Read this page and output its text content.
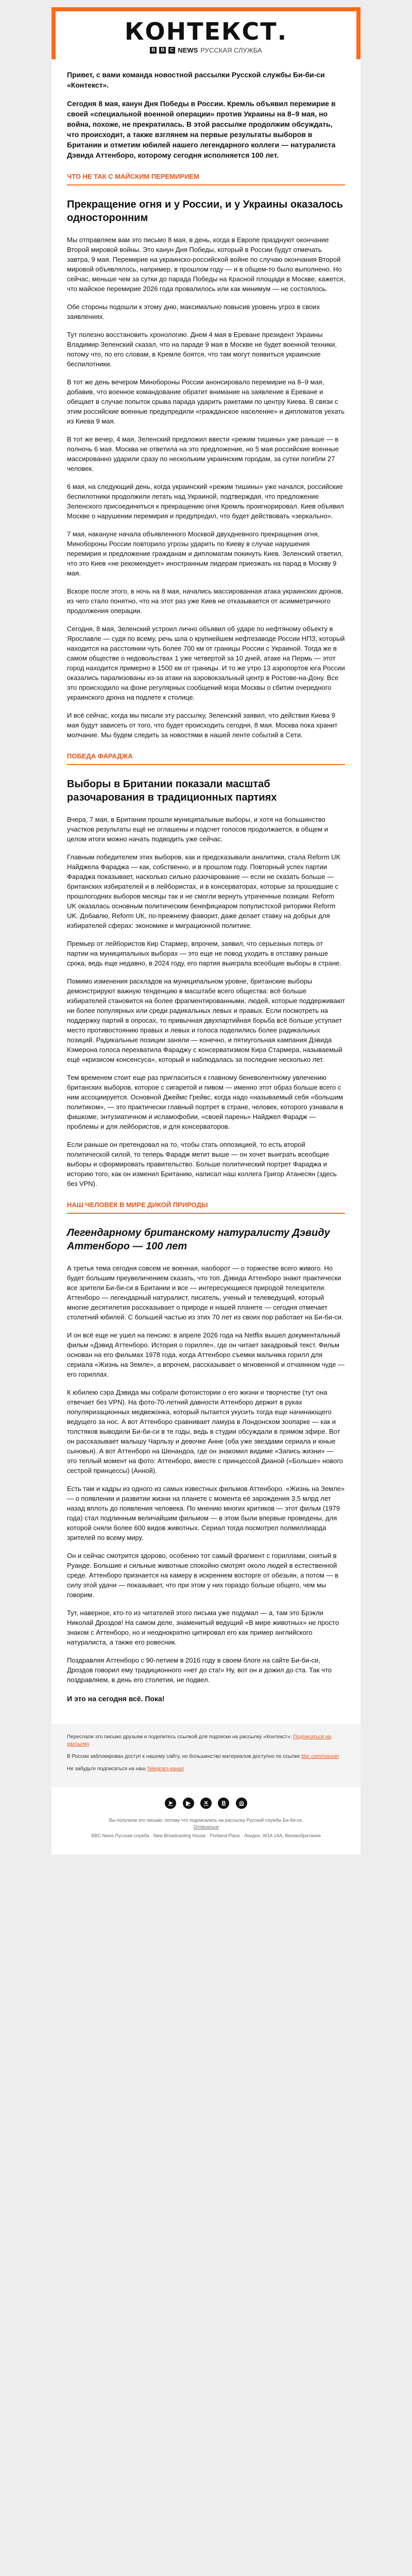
КОНТЕКСТ.
B B C NEWS РУССКАЯ СЛУЖБА

Привет, с вами команда новостной рассылки Русской службы Би-би-си «Контекст».

Сегодня 8 мая, канун Дня Победы в России. Кремль объявил перемирие в своей «специальной военной операции» против Украины на 8–9 мая, но война, похоже, не прекратилась. В этой рассылке продолжим обсуждать, что происходит, а также взглянем на первые результаты выборов в Британии и отметим юбилей нашего легендарного коллеги — натуралиста Дэвида Аттенборо, которому сегодня исполняется 100 лет.

ЧТО НЕ ТАК С МАЙСКИМ ПЕРЕМИРИЕМ
Прекращение огня и у России, и у Украины оказалось односторонним

Мы отправляем вам это письмо 8 мая, в день, когда в Европе празднуют окончание Второй мировой войны. Это канун Дня Победы, который в России будут отмечать завтра, 9 мая. Перемирие на украинско-российской войне по случаю окончания Второй мировой объявлялось, например, в прошлом году — и в общем-то было выполнено. Но сейчас, меньше чем за сутки до парада Победы на Красной площади в Москве, кажется, что майское перемирие 2026 года провалилось или как минимум — не состоялось.

Обе стороны подошли к этому дню, максимально повысив уровень угроз в своих заявлениях.

Тут полезно восстановить хронологию. Днем 4 мая в Ереване президент Украины Владимир Зеленский сказал, что на параде 9 мая в Москве не будет военной техники, потому что, по его словам, в Кремле боятся, что там могут появиться украинские беспилотники.

В тот же день вечером Минобороны России анонсировало перемирие на 8–9 мая, добавив, что военное командование обратит внимание на заявление в Ереване и обещает в случае попыток срыва парада ударить ракетами по центру Киева. В связи с этим российские военные предупредили «гражданское население» и дипломатов уехать из Киева 9 мая.

В тот же вечер, 4 мая, Зеленский предложил ввести «режим тишины» уже раньше — в полночь 6 мая. Москва не ответила на это предложение, но 5 мая российские военные массированно ударили сразу по нескольким украинским городам, за сутки погибли 27 человек.

6 мая, на следующий день, когда украинский «режим тишины» уже начался, российские беспилотники продолжили летать над Украиной, подтверждая, что предложение Зеленского присоединиться к прекращению огня Кремль проигнорировал. Киев объявил Москве о нарушении перемирия и предупредил, что будет действовать «зеркально».

7 мая, накануне начала объявленного Москвой двухдневного прекращения огня, Минобороны России повторило угрозы ударить по Киеву в случае нарушения перемирия и предложение гражданам и дипломатам покинуть Киев. Зеленский ответил, что это Киев «не рекомендует» иностранным лидерам приезжать на парад в Москву 9 мая.

Вскоре после этого, в ночь на 8 мая, начались массированная атака украинских дронов, из чего стало понятно, что на этот раз уже Киев не отказывается от асимметричного продолжения операции.

Сегодня, 8 мая, Зеленский устроил лично объявил об ударе по нефтяному объекту в Ярославле — судя по всему, речь шла о крупнейшем нефтезаводе России НПЗ, который находится на расстоянии чуть более 700 км от границы России с Украиной. Тогда же в самом обществе о недовольствах 1 уже четвертой за 10 дней, атаке на Пермь — этот город находится примерно в 1500 км от границы. И то же утро 13 аэропортов юга России оказались парализованы из-за атаки на аэровокзальный центр в Ростове-на-Дону. Все это происходило на фоне регулярных сообщений мэра Москвы о сбитии очередного украинского дрона на подлете к столице.

И всё сейчас, когда мы писали эту рассылку, Зеленский заявил, что действия Киева 9 мая будут зависеть от того, что будет происходить сегодня, 8 мая. Москва пока хранит молчание. Мы будем следить за новостями в нашей ленте событий в Сети.

ПОБЕДА ФАРАДЖА
Выборы в Британии показали масштаб разочарования в традиционных партиях

Вчера, 7 мая, в Британии прошли муниципальные выборы, и хотя на большинство участков результаты ещё не оглашены и подсчет голосов продолжается, в общем и целом итоги можно начать подводить уже сейчас.

Главным победителем этих выборов, как и предсказывали аналитики, стала Reform UK Найджела Фараджа — как, собственно, и в прошлом году. Повторный успех партии Фараджа показывает, насколько сильно разочарование — если не сказать больше — британских избирателей и в лейбористах, и в консерваторах, которые за прошедшие с прошлогодних выборов месяцы так и не смогли вернуть утраченные позиции. Reform UK оказалась основным политическим бенефициаром популистской риторики Reform UK. Добавлю, Reform UK, по-прежнему фаворит, даже делает ставку на добрых для избирателей сферах: экономике и миграционной политике.

Премьер от лейбористов Кир Стармер, впрочем, заявил, что серьезных потерь от партии на муниципальных выборах — это еще не повод уходить в отставку раньше срока, ведь еще недавно, в 2024 году, его партия выиграла всеобщие выборы в стране.

Помимо изменения раскладов на муниципальном уровне, британские выборы демонстрируют важную тенденцию в масштабе всего общества: всё больше избирателей становится на более фрагментированными, людей, которые поддерживают ни более популярных или среди радикальных левых и правых. Если посмотреть на поддержку партий в опросах, то привычная двухпартийная борьба всё больше уступает место противостоянию правых и левых и голоса поделились более радикальных позиций. Радикальные позиции заняли — конечно, и пятиугольная кампания Дэвида Кэмерона голоса перехватила Фараджу с консерватизмом Кира Стармера, называемый ещё «кризисом консенсуса», который и наблюдалась за последние несколько лет.

Тем временем стоит еще раз пригласиться к главному беневолентному увлечению британских выборов, которое с сигаретой и пивом — именно этот образ больше всего с ним ассоциируется. Основной Джеймс Грейвс, когда надо «называемый себя «большим политиком», — это практически главный портрет в стране, человек, которого узнавали в фишкоме, энтузиатичном и исламофобии, «своей парень» Найджел Фарадж — проблемы и для лейбористов, и для консерваторов.

Если раньше он претендовал на то, чтобы стать оппозицией, то есть второй политической силой, то теперь Фарадж метит выше — он хочет выиграть всеобщие выборы и сформировать правительство. Больше политический портрет Фараджа и историю того, как он изменил Британию, написал наш коллега Григор Атанесян (здесь без VPN).

НАШ ЧЕЛОВЕК В МИРЕ ДИКОЙ ПРИРОДЫ
Легендарному британскому натуралисту Дэвиду Аттенборо — 100 лет

А третья тема сегодня совсем не военная, наоборот — о торжестве всего живого. Но будет большим преувеличением сказать, что топ. Дэвида Аттенборо знают практически все зрители Би-би-си в Британии и все — интересующиеся природой телезрители. Аттенборо — легендарный натуралист, писатель, ученый и телеведущий, который многие десятилетия рассказывает о природе и нашей планете — сегодня отмечает столетний юбилей. С большей частью из этих 70 лет из своих пор работает на Би-би-си.

И он всё еще не ушел на пенсию: в апреле 2026 года на Netflix вышел документальный фильм «Дэвид Аттенборо. История о горилле», где он читает закадровый текст. Фильм основан на его фильмах 1978 года, когда Аттенборо съемки мальчика горилл для сериала «Жизнь на Земле», а впрочем, рассказывает о мгновенной и отчаянном чуде — его гориллах.

К юбилею сэра Дэвида мы собрали фотоистории о его жизни и творчестве (тут она отвечает без VPN). На фото-70-летний давности Аттенборо держит в руках популяризационных медвежонка, который пытается укусить тогда еще начинающего ведущего за нос. А вот Аттенборо сравнивает ламурa в Лондонском зоопарке — как и толстяков выводили Би-би-си в те годы, ведь в студии обсуждали в прямом эфире. Вот он рассказывает малышу Чарльзу и девочке Анне (оба уже звездами сериала и юные сыновья). А вот Аттенборо на Шенандоа, где он знакомил видиме «Запись жизни» — это теплый момент на фото: Аттенборо, вместе с принцессой Дианой («Больше» нового сестрой принцессы) (Анной).

Есть там и кадры из одного из самых известных фильмов Аттенборо. «Жизнь на Земле» — о появлении и развитии жизни на планете с момента её зарождения 3,5 млрд лет назад вплоть до появления человека. По мнению многих критиков — этот фильм (1979 года) стал подлинным величайшим фильмом — в этом были впервые проведены, для которой сняли более 600 видов животных. Сериал тогда посмотрел полмиллиарда зрителей по всему миру.

Он и сейчас смотрится здорово, особенно тот самый фрагмент с гориллами, снятый в Руанде. Большие и сильные животные спокойно смотрят около людей в естественной среде. Аттенборо признается на камеру в искреннем восторге от обезьян, а потом — в силу этой удачи — показывает, что при этом у них гораздо больше общего, чем мы говорим.

Тут, наверное, кто-то из читателей этого письма уже подумал — а, там это Брэкли Николай Дроздов! На самом деле, знаменитый ведущий «В мире животных» не просто знаком с Аттенборо, но и неоднократно цитировал его как пример английского натуралиста, а также его ровесник.

Поздравляя Аттенборо с 90-летием в 2016 году в своем блоге на сайте Би-би-си, Дроздов говорил ему традиционного «нет до ста!» Ну, вот он и дожил до ста. Так что поздравляем, в день его столетия, не подвел.

И это на сегодня всё. Пока!

Переслали это письмо друзьям и поделитесь ссылкой для подписки на рассылку «Контекст»: Подписаться на рассылку

В России заблокирован доступ к нашему сайту, но большинство материалов доступно по ссылке bbc.com/russian

Не забудьте подписаться на наш Telegram-канал

➤ ▶ ✕ В ◎
Вы получили это письмо, потому что подписались на рассылку Русской службы Би-би-си.
Отписаться
BBC News Русская служба · New Broadcasting House · Portland Place · Лондон, W1A 1AA, Великобритания
